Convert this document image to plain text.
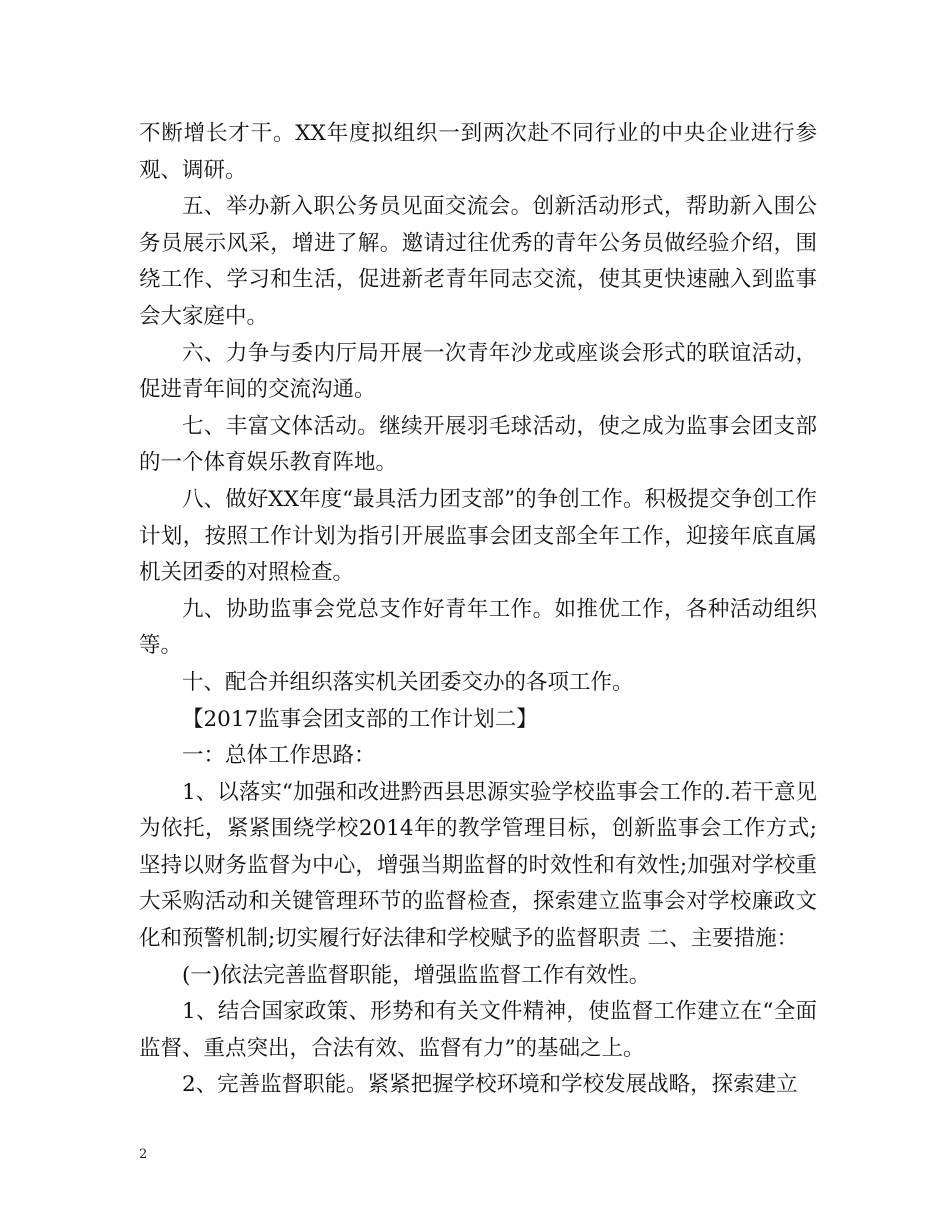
不断增长才干。XX年度拟组织一到两次赴不同行业的中央企业进行参观、调研。

五、举办新入职公务员见面交流会。创新活动形式，帮助新入围公务员展示风采，增进了解。邀请过往优秀的青年公务员做经验介绍，围绕工作、学习和生活，促进新老青年同志交流，使其更快速融入到监事会大家庭中。

六、力争与委内厅局开展一次青年沙龙或座谈会形式的联谊活动，促进青年间的交流沟通。

七、丰富文体活动。继续开展羽毛球活动，使之成为监事会团支部的一个体育娱乐教育阵地。

八、做好XX年度“最具活力团支部”的争创工作。积极提交争创工作计划，按照工作计划为指引开展监事会团支部全年工作，迎接年底直属机关团委的对照检查。

九、协助监事会党总支作好青年工作。如推优工作，各种活动组织等。

十、配合并组织落实机关团委交办的各项工作。

【2017监事会团支部的工作计划二】

一：总体工作思路：

1、以落实“加强和改进黔西县思源实验学校监事会工作的.若干意见为依托，紧紧围绕学校2014年的教学管理目标，创新监事会工作方式;坚持以财务监督为中心，增强当期监督的时效性和有效性;加强对学校重大采购活动和关键管理环节的监督检查，探索建立监事会对学校廉政文化和预警机制;切实履行好法律和学校赋予的监督职责 二、主要措施：

(一)依法完善监督职能，增强监监督工作有效性。

1、结合国家政策、形势和有关文件精神，使监督工作建立在“全面监督、重点突出，合法有效、监督有力”的基础之上。

2、完善监督职能。紧紧把握学校环境和学校发展战略，探索建立

2
